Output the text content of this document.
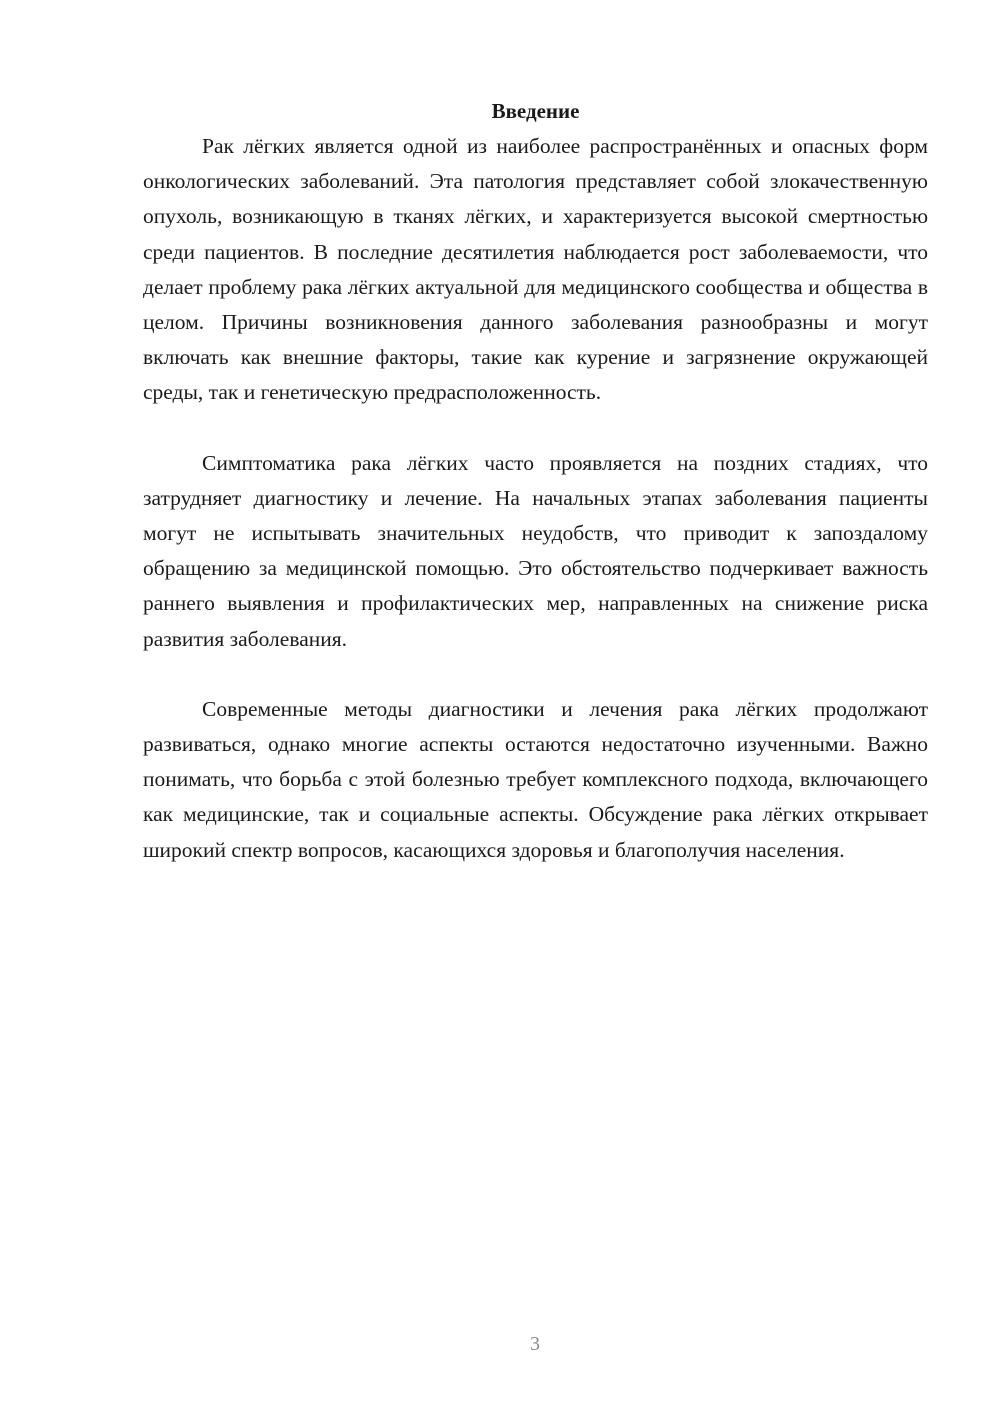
Введение

Рак лёгких является одной из наиболее распространённых и опасных форм онкологических заболеваний. Эта патология представляет собой злокачественную опухоль, возникающую в тканях лёгких, и характеризуется высокой смертностью среди пациентов. В последние десятилетия наблюдается рост заболеваемости, что делает проблему рака лёгких актуальной для медицинского сообщества и общества в целом. Причины возникновения данного заболевания разнообразны и могут включать как внешние факторы, такие как курение и загрязнение окружающей среды, так и генетическую предрасположенность.

Симптоматика рака лёгких часто проявляется на поздних стадиях, что затрудняет диагностику и лечение. На начальных этапах заболевания пациенты могут не испытывать значительных неудобств, что приводит к запоздалому обращению за медицинской помощью. Это обстоятельство подчеркивает важность раннего выявления и профилактических мер, направленных на снижение риска развития заболевания.

Современные методы диагностики и лечения рака лёгких продолжают развиваться, однако многие аспекты остаются недостаточно изученными. Важно понимать, что борьба с этой болезнью требует комплексного подхода, включающего как медицинские, так и социальные аспекты. Обсуждение рака лёгких открывает широкий спектр вопросов, касающихся здоровья и благополучия населения.

3
